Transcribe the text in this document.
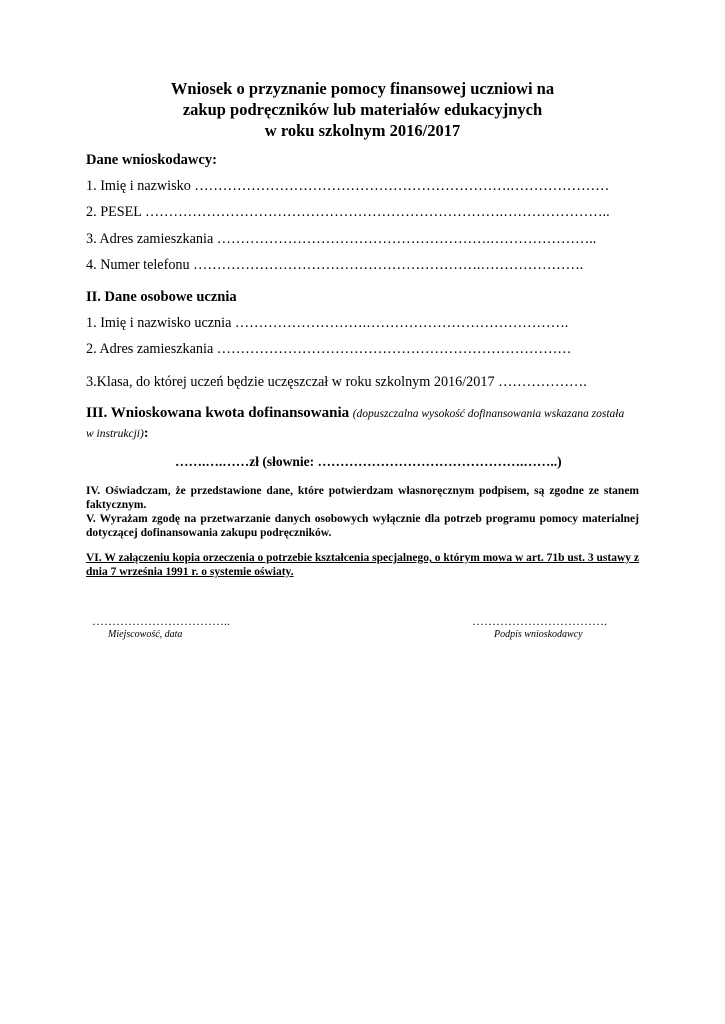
Wniosek o przyznanie pomocy finansowej uczniowi na
zakup podręczników lub materiałów edukacyjnych
w roku szkolnym 2016/2017
Dane wnioskodawcy:
1. Imię i nazwisko ………………………………………………………….…………………
2. PESEL ………………………………………………………………….…………………..
3. Adres zamieszkania ………………………………………………….…………………..
4. Numer telefonu …………………………………………………….………………….
II. Dane osobowe ucznia
1. Imię i nazwisko ucznia ……………………….…………………………………….
2. Adres zamieszkania …………………………………………………………………
3.Klasa, do której uczeń będzie uczęszczał w roku szkolnym 2016/2017 ……………….
III. Wnioskowana kwota dofinansowania (dopuszczalna wysokość dofinansowania wskazana została
w instrukcji):
…….….……zł (słownie: ……………………………………….……..)
IV. Oświadczam, że przedstawione dane, które potwierdzam własnoręcznym podpisem, są zgodne ze stanem faktycznym.
V. Wyrażam zgodę na przetwarzanie danych osobowych wyłącznie dla potrzeb programu pomocy materialnej dotyczącej dofinansowania zakupu podręczników.
VI. W załączeniu kopia orzeczenia o potrzebie kształcenia specjalnego, o którym mowa w art. 71b ust. 3 ustawy z dnia 7 września 1991 r. o systemie oświaty.
……………………………..
Miejscowość, data
…………………………….
Podpis wnioskodawcy
